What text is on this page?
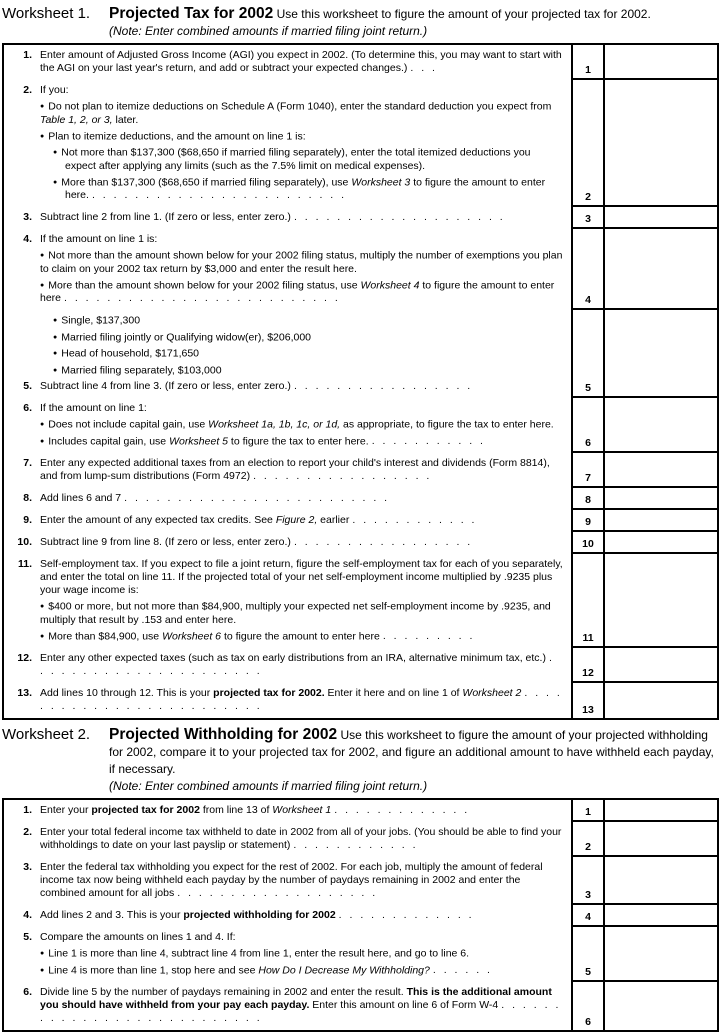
Worksheet 1.	Projected Tax for 2002 Use this worksheet to figure the amount of your projected tax for 2002.
(Note: Enter combined amounts if married filing joint return.)
1. Enter amount of Adjusted Gross Income (AGI) you expect in 2002. (To determine this, you may want to start with the AGI on your last year's return, and add or subtract your expected changes.) . . .	1
2. If you:
● Do not plan to itemize deductions on Schedule A (Form 1040), enter the standard deduction you expect from Table 1, 2, or 3, later.
● Plan to itemize deductions, and the amount on line 1 is:
● Not more than $137,300 ($68,650 if married filing separately), enter the total itemized deductions you expect after applying any limits (such as the 7.5% limit on medical expenses).
● More than $137,300 ($68,650 if married filing separately), use Worksheet 3 to figure the amount to enter here. . . . . . . . . . . . . . . . . . . . . . . . .	2
3. Subtract line 2 from line 1. (If zero or less, enter zero.) . . . . . . . . . . . . . . . . . . . .	3
4. If the amount on line 1 is:
● Not more than the amount shown below for your 2002 filing status, multiply the number of exemptions you plan to claim on your 2002 tax return by $3,000 and enter the result here.
● More than the amount shown below for your 2002 filing status, use Worksheet 4 to figure the amount to enter here . . . . . . . . . . . . . . . . . . . . . . . . . .	4
● Single, $137,300
● Married filing jointly or Qualifying widow(er), $206,000
● Head of household, $171,650
● Married filing separately, $103,000
5. Subtract line 4 from line 3. (If zero or less, enter zero.) . . . . . . . . . . . . . . . . .	5
6. If the amount on line 1:
● Does not include capital gain, use Worksheet 1a, 1b, 1c, or 1d, as appropriate, to figure the tax to enter here.
● Includes capital gain, use Worksheet 5 to figure the tax to enter here. . . . . . . . . . . .	6
7. Enter any expected additional taxes from an election to report your child's interest and dividends (Form 8814), and from lump-sum distributions (Form 4972) . . . . . . . . . . . . . . . . .	7
8. Add lines 6 and 7 . . . . . . . . . . . . . . . . . . . . . . . . .	8
9. Enter the amount of any expected tax credits. See Figure 2, earlier . . . . . . . . . . . .	9
10. Subtract line 9 from line 8. (If zero or less, enter zero.) . . . . . . . . . . . . . . . . .	10
11. Self-employment tax. If you expect to file a joint return, figure the self-employment tax for each of you separately, and enter the total on line 11. If the projected total of your net self-employment income multiplied by .9235 plus your wage income is:
● $400 or more, but not more than $84,900, multiply your expected net self-employment income by .9235, and multiply that result by .153 and enter here.
● More than $84,900, use Worksheet 6 to figure the amount to enter here . . . . . . . . .	11
12. Enter any other expected taxes (such as tax on early distributions from an IRA, alternative minimum tax, etc.) . . . . . . . . . . . . . . . . . . . . . .	12
13. Add lines 10 through 12. This is your projected tax for 2002. Enter it here and on line 1 of Worksheet 2 . . . . . . . . . . . . . . . . . . . . . . . . .	13
Worksheet 2.	Projected Withholding for 2002 Use this worksheet to figure the amount of your projected withholding for 2002, compare it to your projected tax for 2002, and figure an additional amount to have withheld each payday, if necessary.
(Note: Enter combined amounts if married filing joint return.)
1. Enter your projected tax for 2002 from line 13 of Worksheet 1 . . . . . . . . . . . . .	1
2. Enter your total federal income tax withheld to date in 2002 from all of your jobs. (You should be able to find your withholdings to date on your last payslip or statement) . . . . . . . . . . . .	2
3. Enter the federal tax withholding you expect for the rest of 2002. For each job, multiply the amount of federal income tax now being withheld each payday by the number of paydays remaining in 2002 and enter the combined amount for all jobs . . . . . . . . . . . . . . . . . . .	3
4. Add lines 2 and 3. This is your projected withholding for 2002 . . . . . . . . . . . . .	4
5. Compare the amounts on lines 1 and 4. If:
● Line 1 is more than line 4, subtract line 4 from line 1, enter the result here, and go to line 6.
● Line 4 is more than line 1, stop here and see How Do I Decrease My Withholding? . . . . . .	5
6. Divide line 5 by the number of paydays remaining in 2002 and enter the result. This is the additional amount you should have withheld from your pay each payday. Enter this amount on line 6 of Form W-4 . . . . . . . . . . . . . . . . . . . . . . . . . . .	6
